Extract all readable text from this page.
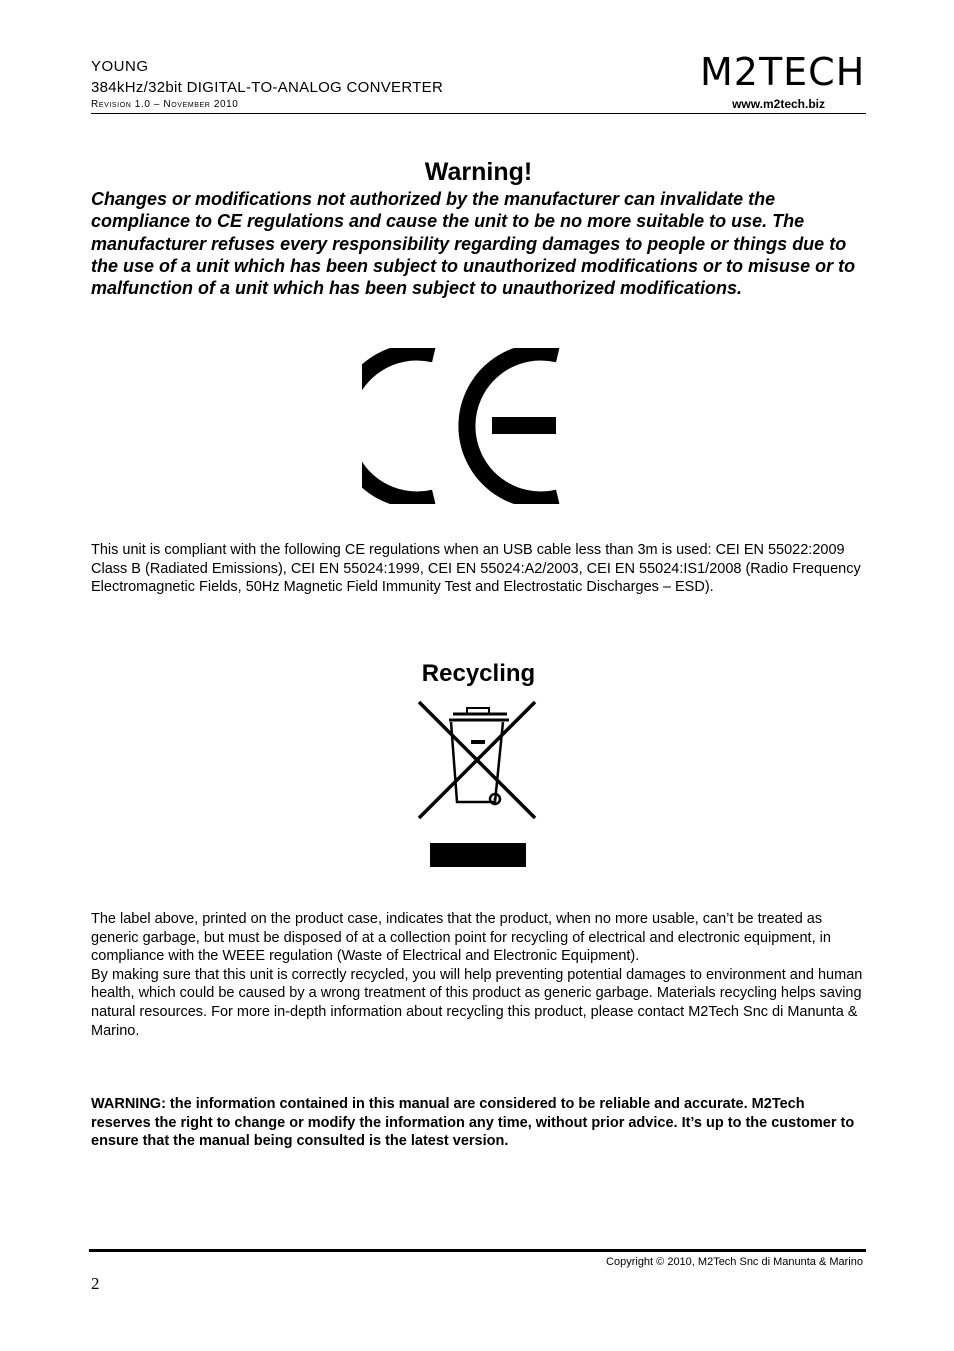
YOUNG
384kHz/32bit DIGITAL-TO-ANALOG CONVERTER
Revision 1.0 – November 2010
M2TECH
www.m2tech.biz
Warning!
Changes or modifications not authorized by the manufacturer can invalidate the compliance to CE regulations and cause the unit to be no more suitable to use. The manufacturer refuses every responsibility regarding damages to people or things due to the use of a unit which has been subject to unauthorized modifications or to misuse or to malfunction of a unit which has been subject to unauthorized modifications.
This unit is compliant with the following CE regulations when an USB cable less than 3m is used: CEI EN 55022:2009 Class B (Radiated Emissions), CEI EN 55024:1999, CEI EN 55024:A2/2003, CEI EN 55024:IS1/2008 (Radio Frequency Electromagnetic Fields, 50Hz Magnetic Field Immunity Test and Electrostatic Discharges – ESD).
Recycling
The label above, printed on the product case, indicates that the product, when no more usable, can’t be treated as generic garbage, but must be disposed of at a collection point for recycling of electrical and electronic equipment, in compliance with the WEEE regulation (Waste of Electrical and Electronic Equipment).
By making sure that this unit is correctly recycled, you will help preventing potential damages to environment and human health, which could be caused by a wrong treatment of this product as generic garbage. Materials recycling helps saving natural resources. For more in-depth information about recycling this product, please contact M2Tech Snc di Manunta & Marino.
WARNING: the information contained in this manual are considered to be reliable and accurate. M2Tech reserves the right to change or modify the information any time, without prior advice. It’s up to the customer to ensure that the manual being consulted is the latest version.
Copyright © 2010, M2Tech Snc di Manunta & Marino
2
